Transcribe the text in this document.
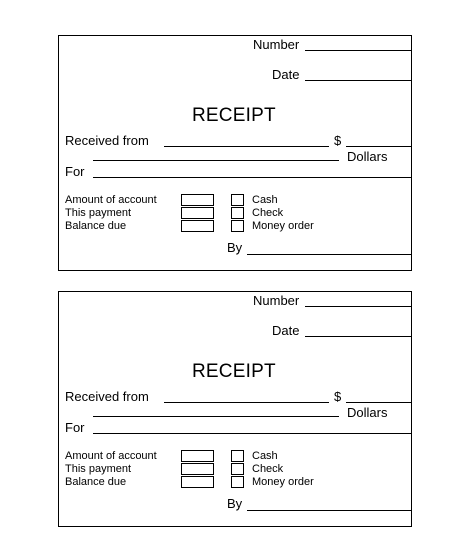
Number
Date
RECEIPT
Received from	$
Dollars
For
Amount of account
This payment
Balance due
Cash
Check
Money order
By
Number
Date
RECEIPT
Received from	$
Dollars
For
Amount of account
This payment
Balance due
Cash
Check
Money order
By
